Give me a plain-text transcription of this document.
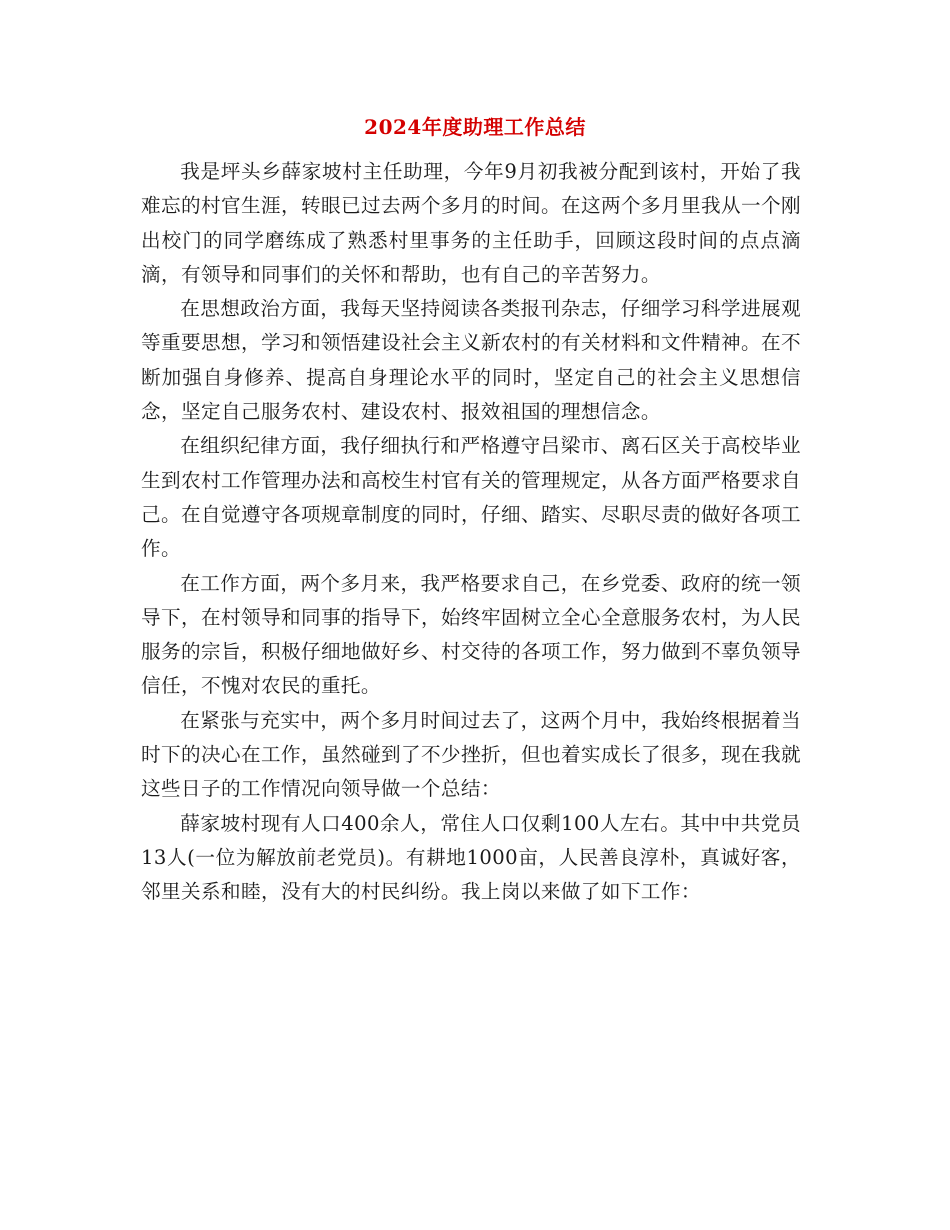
2024年度助理工作总结

我是坪头乡薛家坡村主任助理，今年9月初我被分配到该村，开始了我难忘的村官生涯，转眼已过去两个多月的时间。在这两个多月里我从一个刚出校门的同学磨练成了熟悉村里事务的主任助手，回顾这段时间的点点滴滴，有领导和同事们的关怀和帮助，也有自己的辛苦努力。

在思想政治方面，我每天坚持阅读各类报刊杂志，仔细学习科学进展观等重要思想，学习和领悟建设社会主义新农村的有关材料和文件精神。在不断加强自身修养、提高自身理论水平的同时，坚定自己的社会主义思想信念，坚定自己服务农村、建设农村、报效祖国的理想信念。

在组织纪律方面，我仔细执行和严格遵守吕梁市、离石区关于高校毕业生到农村工作管理办法和高校生村官有关的管理规定，从各方面严格要求自己。在自觉遵守各项规章制度的同时，仔细、踏实、尽职尽责的做好各项工作。

在工作方面，两个多月来，我严格要求自己，在乡党委、政府的统一领导下，在村领导和同事的指导下，始终牢固树立全心全意服务农村，为人民服务的宗旨，积极仔细地做好乡、村交待的各项工作，努力做到不辜负领导信任，不愧对农民的重托。

在紧张与充实中，两个多月时间过去了，这两个月中，我始终根据着当时下的决心在工作，虽然碰到了不少挫折，但也着实成长了很多，现在我就这些日子的工作情况向领导做一个总结：

薛家坡村现有人口400余人，常住人口仅剩100人左右。其中中共党员13人(一位为解放前老党员)。有耕地1000亩，人民善良淳朴，真诚好客，邻里关系和睦，没有大的村民纠纷。我上岗以来做了如下工作：
